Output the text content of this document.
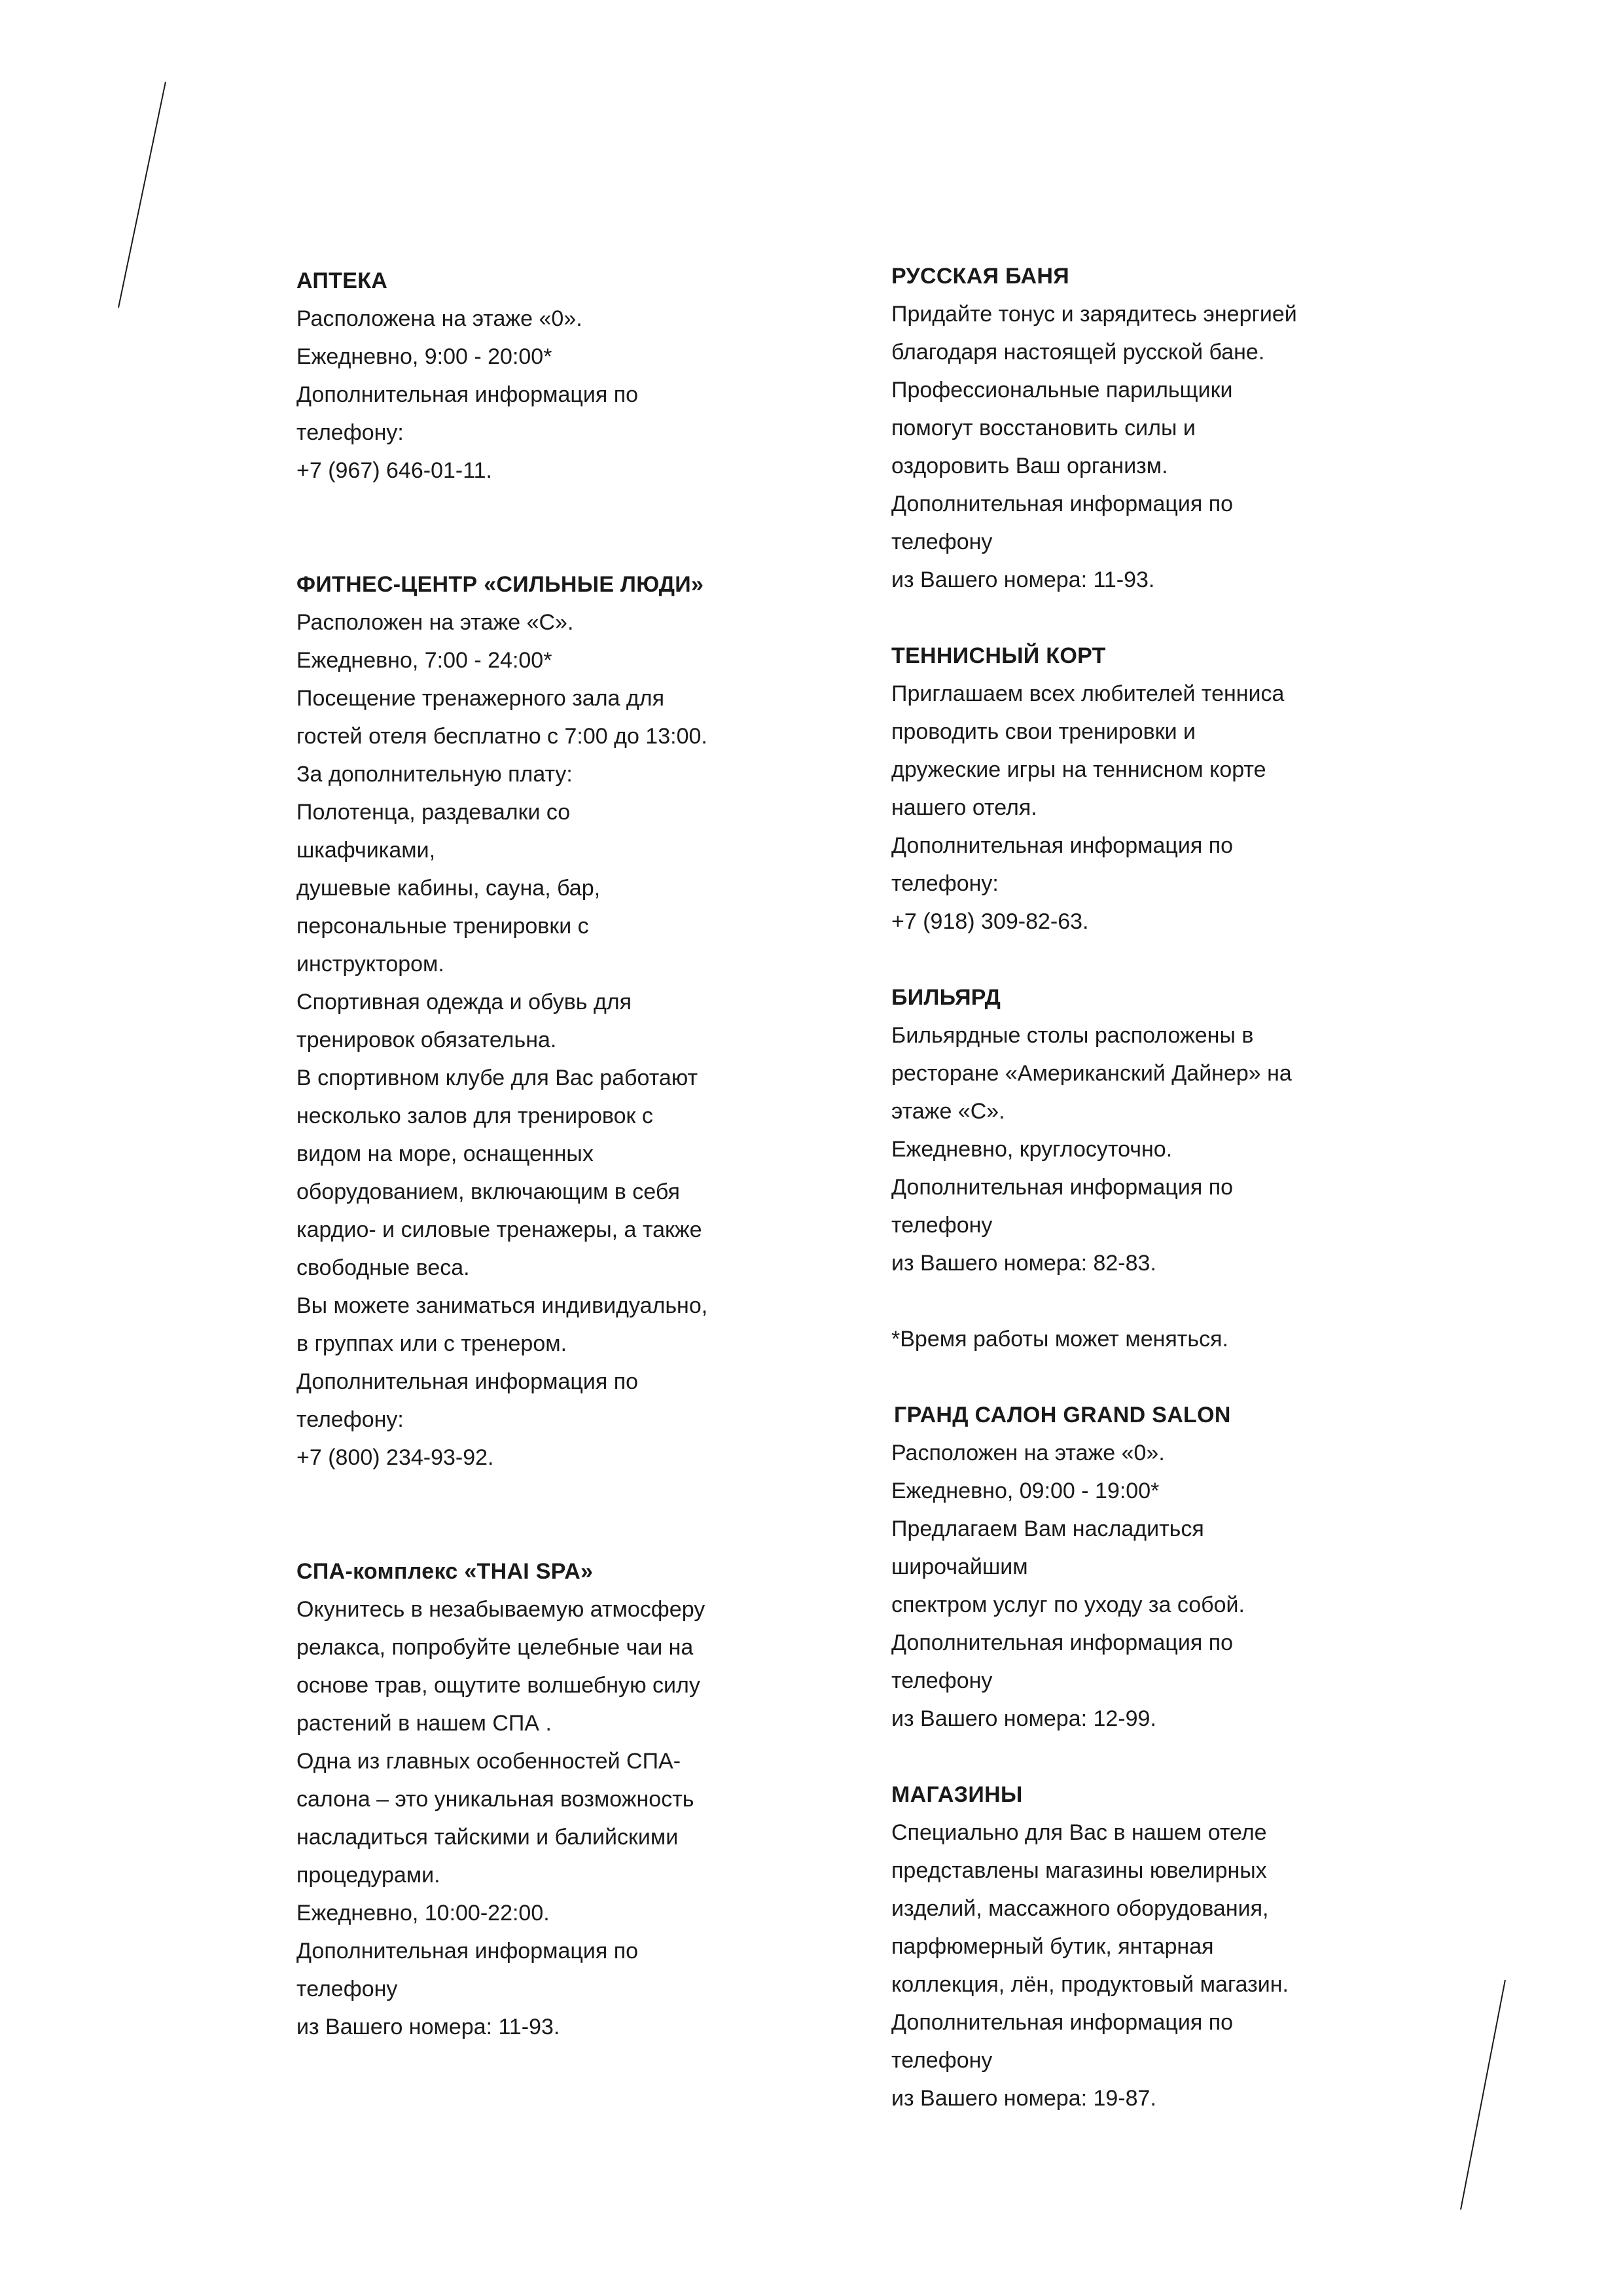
АПТЕКА
Расположена на этаже «0».
Ежедневно, 9:00 - 20:00*
Дополнительная информация по
телефону:
+7 (967) 646-01-11.
ФИТНЕС-ЦЕНТР «СИЛЬНЫЕ ЛЮДИ»
Расположен на этаже «С».
Ежедневно, 7:00 - 24:00*
Посещение тренажерного зала для
гостей отеля бесплатно с 7:00 до 13:00.
За дополнительную плату:
Полотенца, раздевалки со
шкафчиками,
душевые кабины, сауна, бар,
персональные тренировки с
инструктором.
Спортивная одежда и обувь для
тренировок обязательна.
В спортивном клубе для Вас работают
несколько залов для тренировок с
видом на море, оснащенных
оборудованием, включающим в себя
кардио- и силовые тренажеры, а также
свободные веса.
Вы можете заниматься индивидуально,
в группах или с тренером.
Дополнительная информация по
телефону:
+7 (800) 234-93-92.
СПА-комплекс «THAI SPA»
Окунитесь в незабываемую атмосферу
релакса, попробуйте целебные чаи на
основе трав, ощутите волшебную силу
растений в нашем СПА .
Одна из главных особенностей СПА-
салона – это уникальная возможность
насладиться тайскими и балийскими
процедурами.
Ежедневно, 10:00-22:00.
Дополнительная информация по
телефону
из Вашего номера: 11-93.
РУССКАЯ БАНЯ
Придайте тонус и зарядитесь энергией
благодаря настоящей русской бане.
Профессиональные парильщики
помогут восстановить силы и
оздоровить Ваш организм.
Дополнительная информация по
телефону
из Вашего номера: 11-93.
ТЕННИСНЫЙ КОРТ
Приглашаем всех любителей тенниса
проводить свои тренировки и
дружеские игры на теннисном корте
нашего отеля.
Дополнительная информация по
телефону:
+7 (918) 309-82-63.
БИЛЬЯРД
Бильярдные столы расположены в
ресторане «Американский Дайнер» на
этаже «С».
Ежедневно, круглосуточно.
Дополнительная информация по
телефону
из Вашего номера: 82-83.
*Время работы может меняться.
ГРАНД САЛОН GRAND SALON
Расположен на этаже «0».
Ежедневно, 09:00 - 19:00*
Предлагаем Вам насладиться
широчайшим
спектром услуг по уходу за собой.
Дополнительная информация по
телефону
из Вашего номера: 12-99.
МАГАЗИНЫ
Специально для Вас в нашем отеле
представлены магазины ювелирных
изделий, массажного оборудования,
парфюмерный бутик, янтарная
коллекция, лён, продуктовый магазин.
Дополнительная информация по
телефону
из Вашего номера: 19-87.
